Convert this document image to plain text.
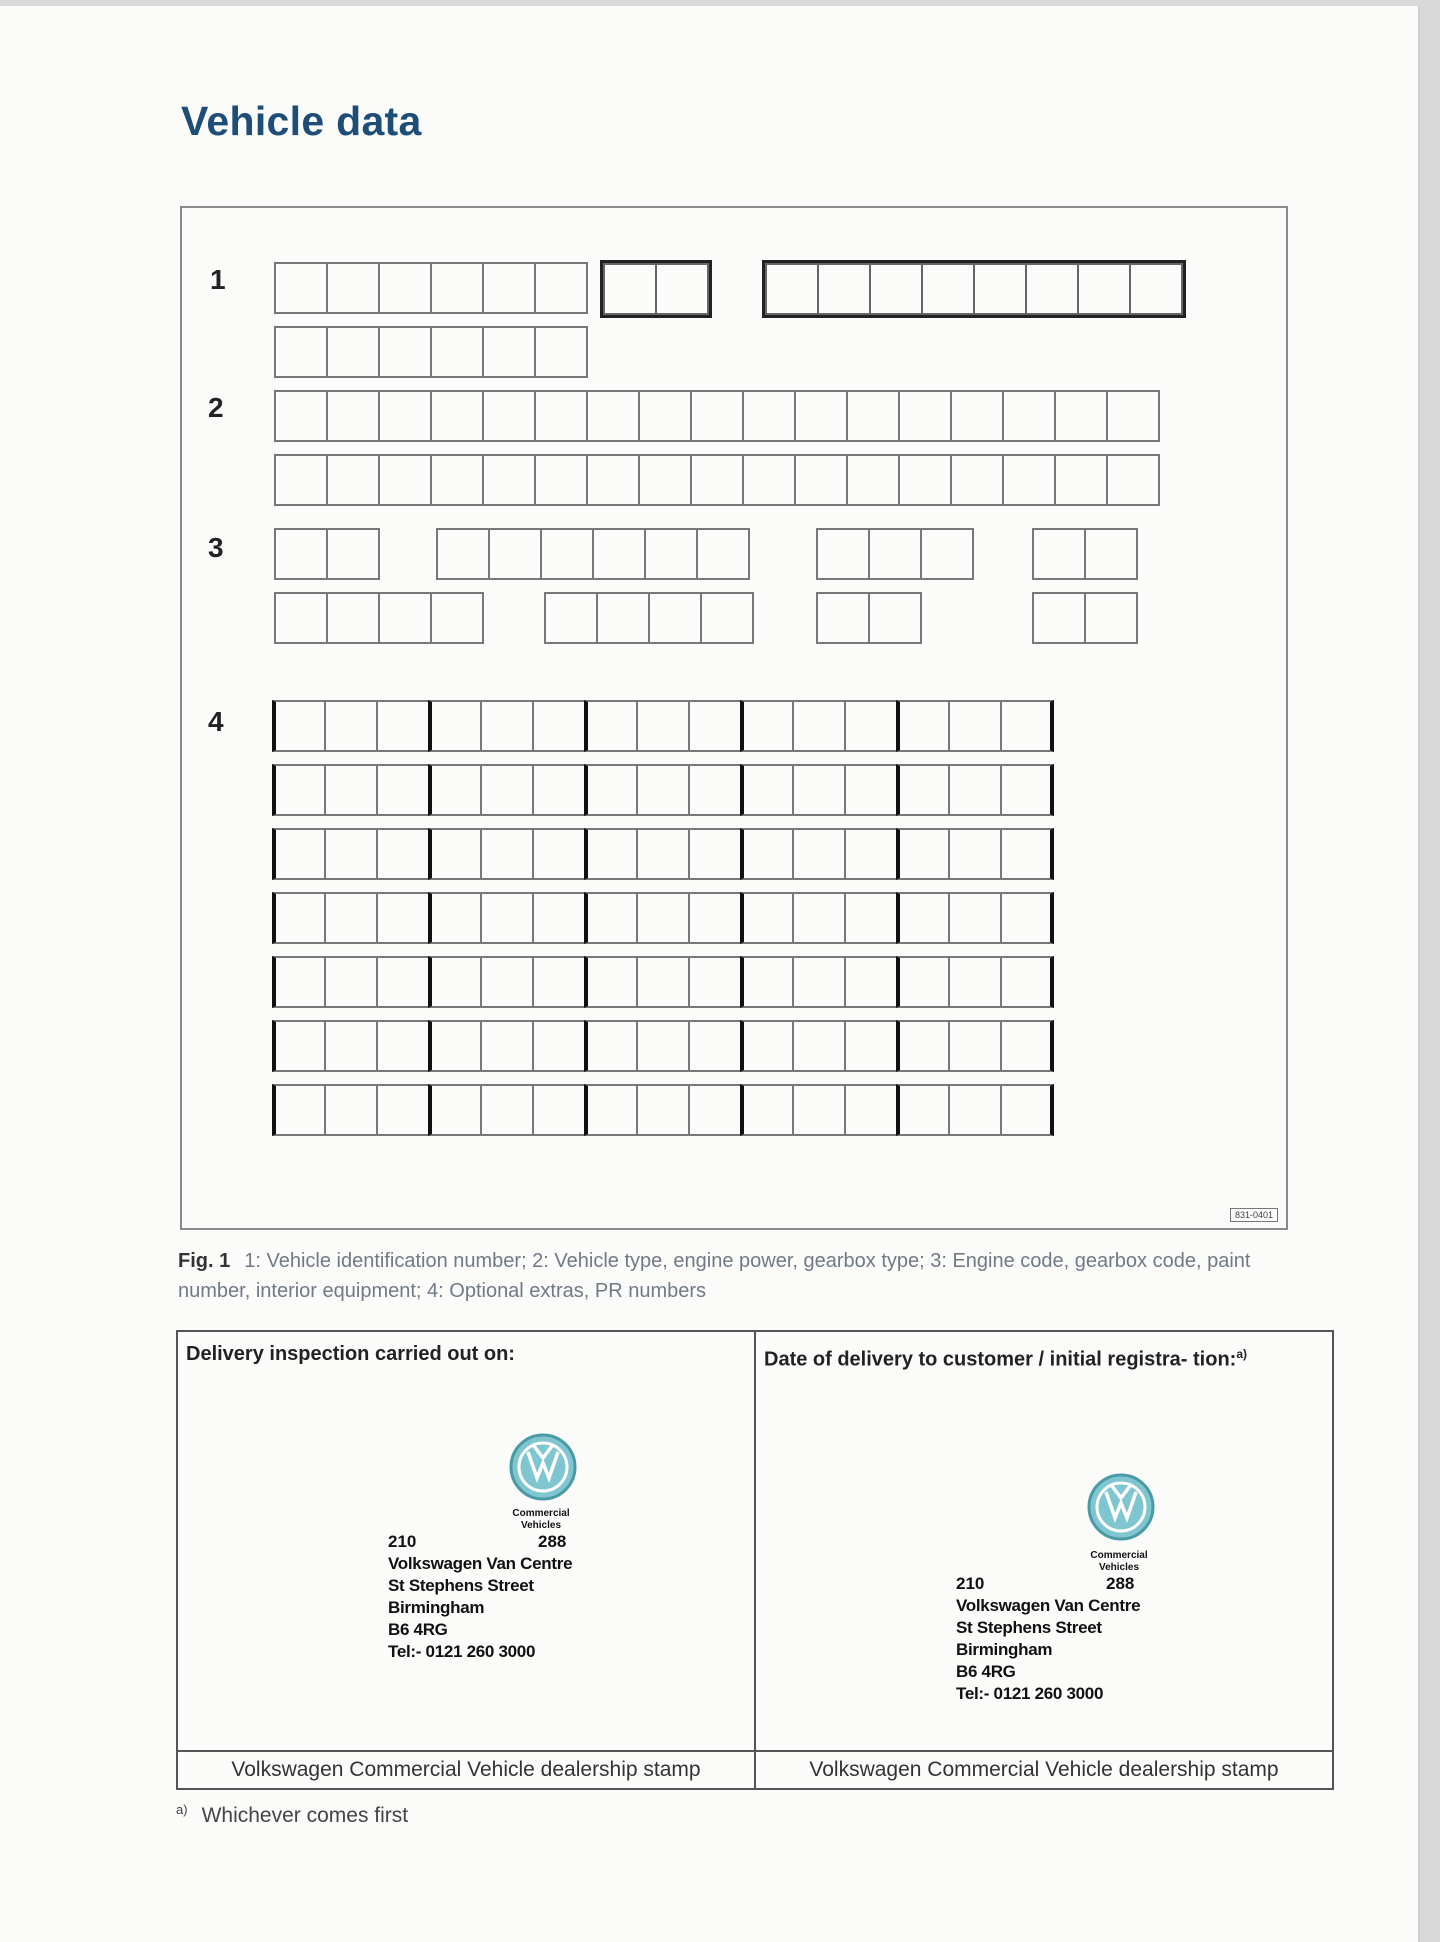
Vehicle data
1
2
3
4
831-0401
Fig. 1 1: Vehicle identification number; 2: Vehicle type, engine power, gearbox type; 3: Engine code, gearbox code, paint number, interior equipment; 4: Optional extras, PR numbers
Delivery inspection carried out on:
Commercial
Vehicles
210	288
Volkswagen Van Centre
St Stephens Street
Birmingham
B6 4RG
Tel:- 0121 260 3000
Volkswagen Commercial Vehicle dealership stamp
Date of delivery to customer / initial registra- tion:$^{a)}$
Commercial
Vehicles
210	288
Volkswagen Van Centre
St Stephens Street
Birmingham
B6 4RG
Tel:- 0121 260 3000
Volkswagen Commercial Vehicle dealership stamp
$^{a)}$ Whichever comes first
